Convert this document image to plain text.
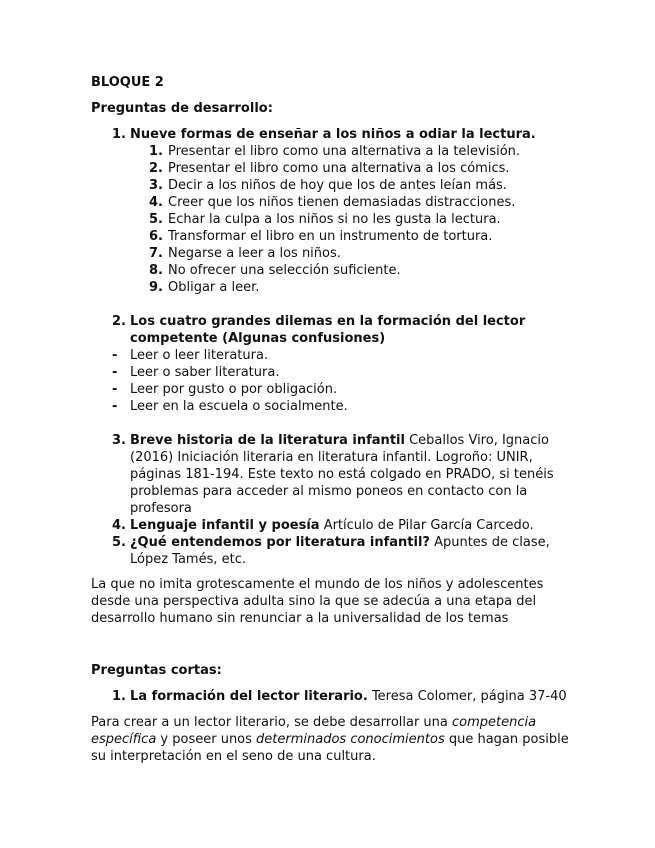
BLOQUE 2
Preguntas de desarrollo:
1. Nueve formas de enseñar a los niños a odiar la lectura.
1. Presentar el libro como una alternativa a la televisión.
2. Presentar el libro como una alternativa a los cómics.
3. Decir a los niños de hoy que los de antes leían más.
4. Creer que los niños tienen demasiadas distracciones.
5. Echar la culpa a los niños si no les gusta la lectura.
6. Transformar el libro en un instrumento de tortura.
7. Negarse a leer a los niños.
8. No ofrecer una selección suficiente.
9. Obligar a leer.
2. Los cuatro grandes dilemas en la formación del lector
competente (Algunas confusiones)
- Leer o leer literatura.
- Leer o saber literatura.
- Leer por gusto o por obligación.
- Leer en la escuela o socialmente.
3. Breve historia de la literatura infantil Ceballos Viro, Ignacio
(2016) Iniciación literaria en literatura infantil. Logroño: UNIR,
páginas 181-194. Este texto no está colgado en PRADO, si tenéis
problemas para acceder al mismo poneos en contacto con la
profesora
4. Lenguaje infantil y poesía Artículo de Pilar García Carcedo.
5. ¿Qué entendemos por literatura infantil? Apuntes de clase,
López Tamés, etc.
La que no imita grotescamente el mundo de los niños y adolescentes
desde una perspectiva adulta sino la que se adecúa a una etapa del
desarrollo humano sin renunciar a la universalidad de los temas
Preguntas cortas:
1. La formación del lector literario. Teresa Colomer, página 37-40
Para crear a un lector literario, se debe desarrollar una competencia
específica y poseer unos determinados conocimientos que hagan posible
su interpretación en el seno de una cultura.
